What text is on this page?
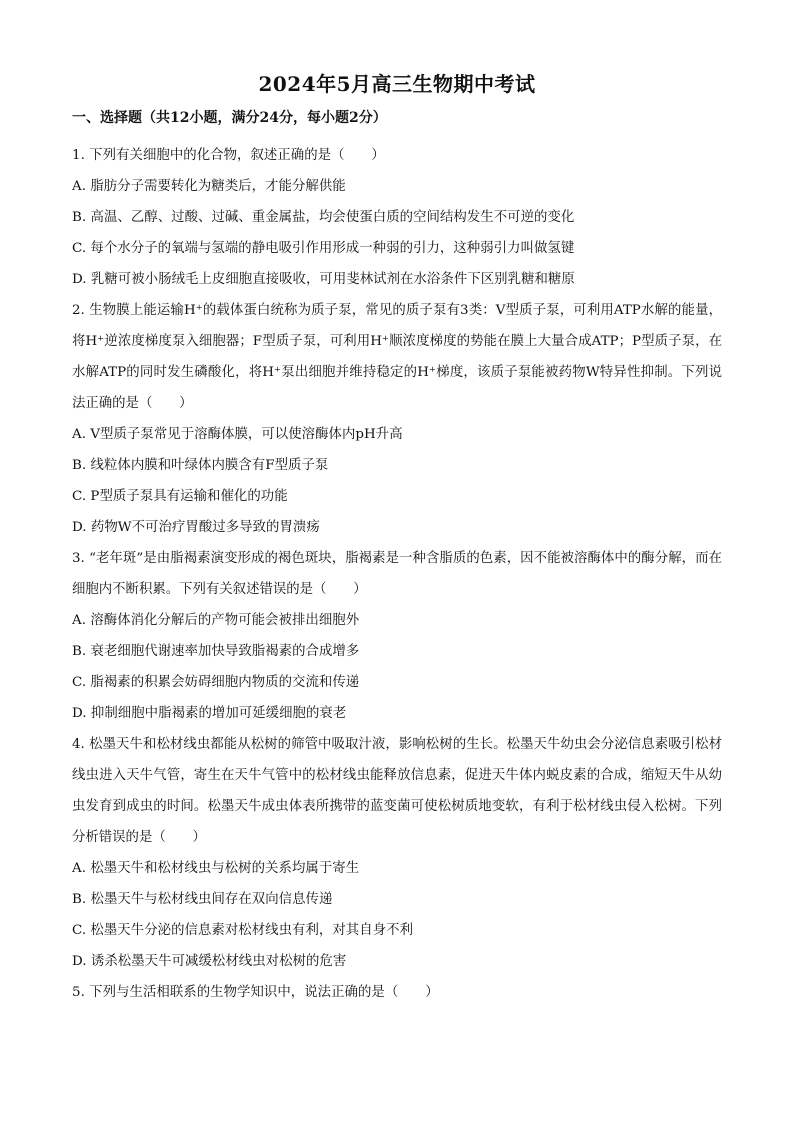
2024年5月高三生物期中考试
一、选择题（共12小题，满分24分，每小题2分）
1. 下列有关细胞中的化合物，叙述正确的是（　　）
A. 脂肪分子需要转化为糖类后，才能分解供能
B. 高温、乙醇、过酸、过碱、重金属盐，均会使蛋白质的空间结构发生不可逆的变化
C. 每个水分子的氧端与氢端的静电吸引作用形成一种弱的引力，这种弱引力叫做氢键
D. 乳糖可被小肠绒毛上皮细胞直接吸收，可用斐林试剂在水浴条件下区别乳糖和糖原
2. 生物膜上能运输H⁺的载体蛋白统称为质子泵，常见的质子泵有3类：V型质子泵，可利用ATP水解的能量，将H⁺逆浓度梯度泵入细胞器；F型质子泵，可利用H⁺顺浓度梯度的势能在膜上大量合成ATP；P型质子泵，在水解ATP的同时发生磷酸化，将H⁺泵出细胞并维持稳定的H⁺梯度，该质子泵能被药物W特异性抑制。下列说法正确的是（　　）
A. V型质子泵常见于溶酶体膜，可以使溶酶体内pH升高
B. 线粒体内膜和叶绿体内膜含有F型质子泵
C. P型质子泵具有运输和催化的功能
D. 药物W不可治疗胃酸过多导致的胃溃疡
3. “老年斑”是由脂褐素演变形成的褐色斑块，脂褐素是一种含脂质的色素，因不能被溶酶体中的酶分解，而在细胞内不断积累。下列有关叙述错误的是（　　）
A. 溶酶体消化分解后的产物可能会被排出细胞外
B. 衰老细胞代谢速率加快导致脂褐素的合成增多
C. 脂褐素的积累会妨碍细胞内物质的交流和传递
D. 抑制细胞中脂褐素的增加可延缓细胞的衰老
4. 松墨天牛和松材线虫都能从松树的筛管中吸取汁液，影响松树的生长。松墨天牛幼虫会分泌信息素吸引松材线虫进入天牛气管，寄生在天牛气管中的松材线虫能释放信息素，促进天牛体内蜕皮素的合成，缩短天牛从幼虫发育到成虫的时间。松墨天牛成虫体表所携带的蓝变菌可使松树质地变软，有利于松材线虫侵入松树。下列分析错误的是（　　）
A. 松墨天牛和松材线虫与松树的关系均属于寄生
B. 松墨天牛与松材线虫间存在双向信息传递
C. 松墨天牛分泌的信息素对松材线虫有利，对其自身不利
D. 诱杀松墨天牛可减缓松材线虫对松树的危害
5. 下列与生活相联系的生物学知识中，说法正确的是（　　）
